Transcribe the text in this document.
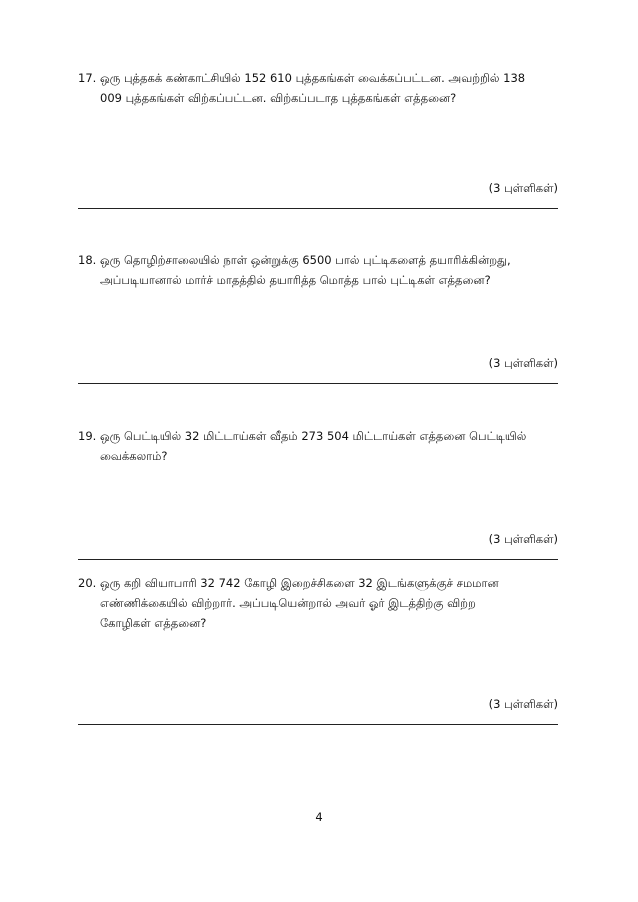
17. ஒரு புத்தகக் கண்காட்சியில் 152 610 புத்தகங்கள் வைக்கப்பட்டன. அவற்றில் 138
009 புத்தகங்கள் விற்கப்பட்டன. விற்கப்படாத புத்தகங்கள் எத்தனை?
(3 புள்ளிகள்)
18. ஒரு தொழிற்சாலையில் நாள் ஒன்றுக்கு 6500 பால் புட்டிகளைத் தயாரிக்கின்றது,
அப்படியானால் மார்ச் மாதத்தில் தயாரித்த மொத்த பால் புட்டிகள் எத்தனை?
(3 புள்ளிகள்)
19. ஒரு பெட்டியில் 32 மிட்டாய்கள் வீதம் 273 504 மிட்டாய்கள் எத்தனை பெட்டியில்
வைக்கலாம்?
(3 புள்ளிகள்)
20. ஒரு கறி வியாபாரி 32 742 கோழி இறைச்சிகளை 32 இடங்களுக்குச் சமமான
எண்ணிக்கையில் விற்றார். அப்படியென்றால் அவர் ஓர் இடத்திற்கு விற்ற
கோழிகள் எத்தனை?
(3 புள்ளிகள்)
4
